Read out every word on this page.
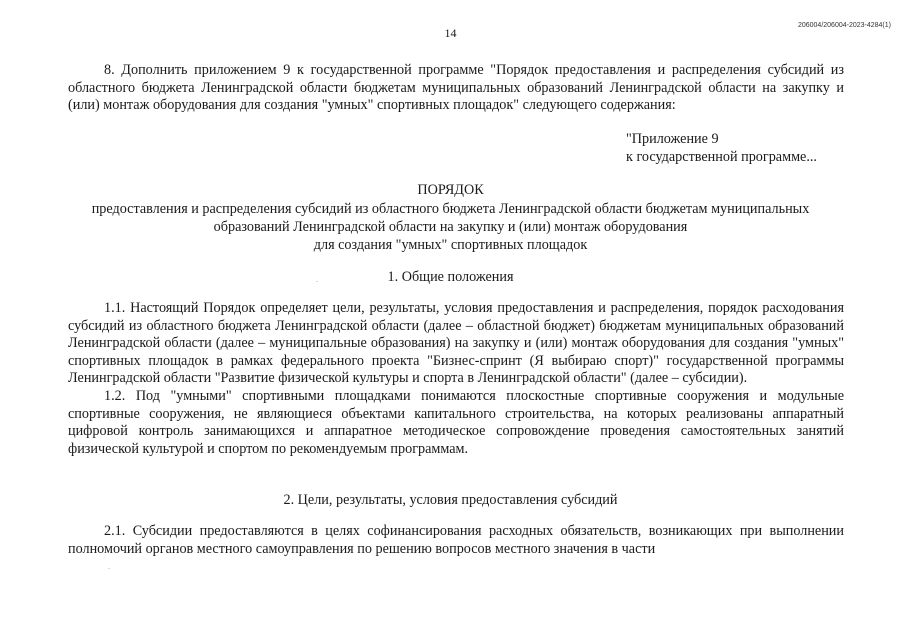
14
206004/206004-2023-4284(1)

8. Дополнить приложением 9 к государственной программе "Порядок предоставления и распределения субсидий из областного бюджета Ленинградской области бюджетам муниципальных образований Ленинградской области на закупку и (или) монтаж оборудования для создания "умных" спортивных площадок" следующего содержания:

"Приложение 9
к государственной программе...
ПОРЯДОК
предоставления и распределения субсидий из областного бюджета Ленинградской области бюджетам муниципальных
образований Ленинградской области на закупку и (или) монтаж оборудования
для создания "умных" спортивных площадок
.	1. Общие положения

1.1. Настоящий Порядок определяет цели, результаты, условия предоставления и распределения, порядок расходования субсидий из областного бюджета Ленинградской области (далее – областной бюджет) бюджетам муниципальных образований Ленинградской области (далее – муниципальные образования) на закупку и (или) монтаж оборудования для создания "умных" спортивных площадок в рамках федерального проекта "Бизнес-спринт (Я выбираю спорт)" государственной программы Ленинградской области "Развитие физической культуры и спорта в Ленинградской области" (далее – субсидии).

1.2. Под "умными" спортивными площадками понимаются плоскостные спортивные сооружения и модульные спортивные сооружения, не являющиеся объектами капитального строительства, на которых реализованы аппаратный цифровой контроль занимающихся и аппаратное методическое сопровождение проведения самостоятельных занятий физической культурой и спортом по рекомендуемым программам.

2. Цели, результаты, условия предоставления субсидий

2.1. Субсидии предоставляются в целях софинансирования расходных обязательств, возникающих при выполнении полномочий органов местного самоуправления по решению вопросов местного значения в части

.
